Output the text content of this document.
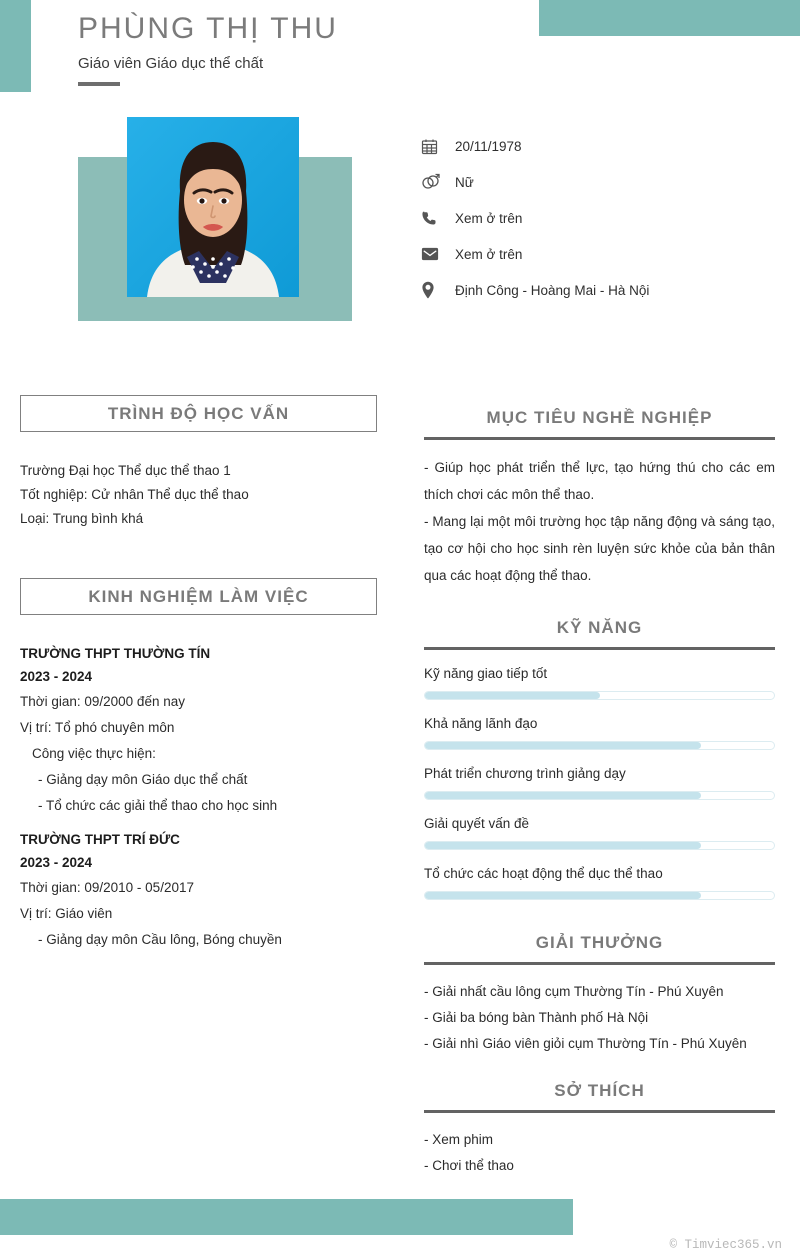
PHÙNG THỊ THU
Giáo viên Giáo dục thể chất
20/11/1978
Nữ
Xem ở trên
Xem ở trên
Định Công - Hoàng Mai - Hà Nội
TRÌNH ĐỘ HỌC VẤN
Trường Đại học Thể dục thể thao 1
Tốt nghiệp: Cử nhân Thể dục thể thao
Loại: Trung bình khá
KINH NGHIỆM LÀM VIỆC
TRƯỜNG THPT THƯỜNG TÍN
2023 - 2024
Thời gian: 09/2000 đến nay
Vị trí: Tổ phó chuyên môn
Công việc thực hiện:
- Giảng dạy môn Giáo dục thể chất
- Tổ chức các giải thể thao cho học sinh
TRƯỜNG THPT TRÍ ĐỨC
2023 - 2024
Thời gian: 09/2010 - 05/2017
Vị trí: Giáo viên
- Giảng dạy môn Cầu lông, Bóng chuyền
MỤC TIÊU NGHỀ NGHIỆP
- Giúp học phát triển thể lực, tạo hứng thú cho các em thích chơi các môn thể thao.
- Mang lại một môi trường học tập năng động và sáng tạo, tạo cơ hội cho học sinh rèn luyện sức khỏe của bản thân qua các hoạt động thể thao.
KỸ NĂNG
Kỹ năng giao tiếp tốt
Khả năng lãnh đạo
Phát triển chương trình giảng dạy
Giải quyết vấn đề
Tổ chức các hoạt động thể dục thể thao
GIẢI THƯỞNG
- Giải nhất cầu lông cụm Thường Tín - Phú Xuyên
- Giải ba bóng bàn Thành phố Hà Nội
- Giải nhì Giáo viên giỏi cụm Thường Tín - Phú Xuyên
SỞ THÍCH
- Xem phim
- Chơi thể thao
© Timviec365.vn
